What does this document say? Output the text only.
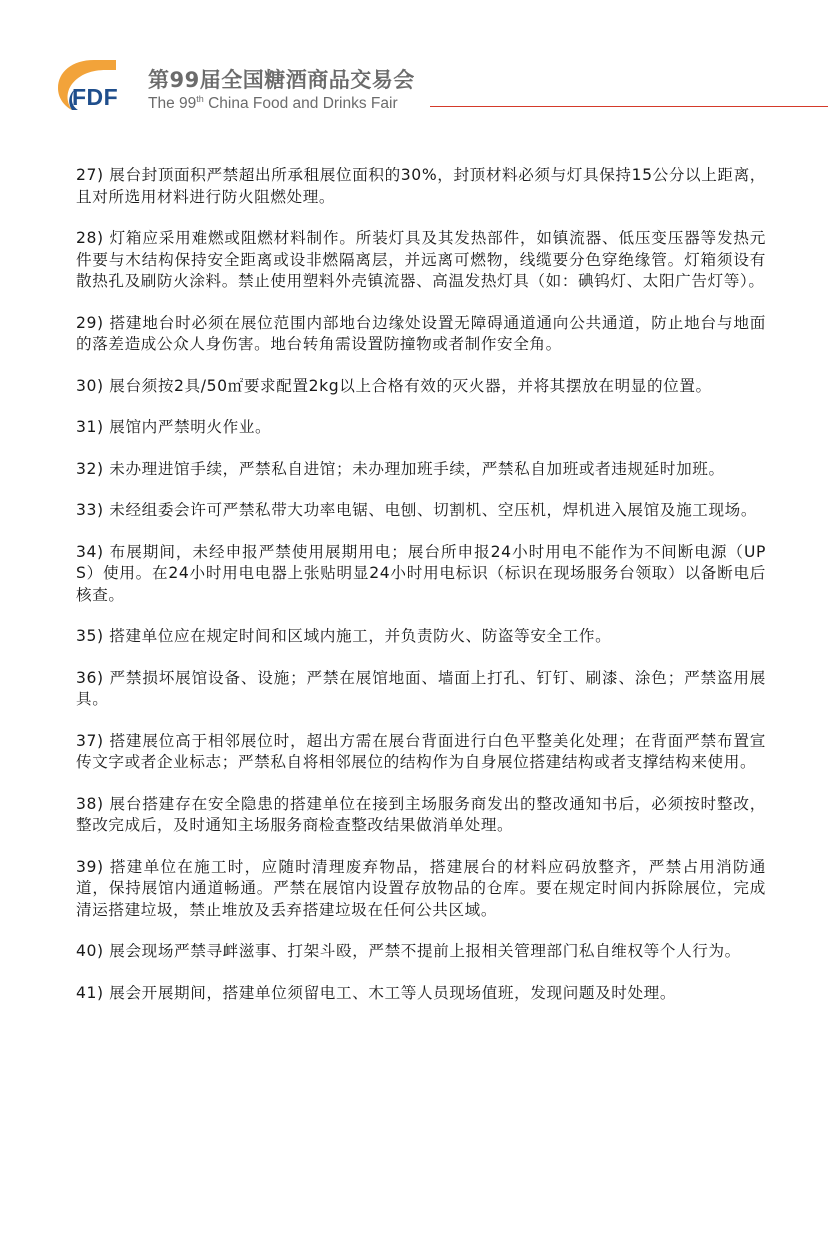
FDF
第99届全国糖酒商品交易会
The 99th China Food and Drinks Fair

27) 展台封顶面积严禁超出所承租展位面积的30%，封顶材料必须与灯具保持15公分以上距离，且对所选用材料进行防火阻燃处理。

28) 灯箱应采用难燃或阻燃材料制作。所装灯具及其发热部件，如镇流器、低压变压器等发热元件要与木结构保持安全距离或设非燃隔离层，并远离可燃物，线缆要分色穿绝缘管。灯箱须设有散热孔及刷防火涂料。禁止使用塑料外壳镇流器、高温发热灯具（如：碘钨灯、太阳广告灯等）。

29) 搭建地台时必须在展位范围内部地台边缘处设置无障碍通道通向公共通道，防止地台与地面的落差造成公众人身伤害。地台转角需设置防撞物或者制作安全角。

30) 展台须按2具/50㎡要求配置2kg以上合格有效的灭火器，并将其摆放在明显的位置。

31) 展馆内严禁明火作业。

32) 未办理进馆手续，严禁私自进馆；未办理加班手续，严禁私自加班或者违规延时加班。

33) 未经组委会许可严禁私带大功率电锯、电刨、切割机、空压机，焊机进入展馆及施工现场。

34) 布展期间，未经申报严禁使用展期用电；展台所申报24小时用电不能作为不间断电源（UPS）使用。在24小时用电电器上张贴明显24小时用电标识（标识在现场服务台领取）以备断电后核查。

35) 搭建单位应在规定时间和区域内施工，并负责防火、防盗等安全工作。

36) 严禁损坏展馆设备、设施；严禁在展馆地面、墙面上打孔、钉钉、刷漆、涂色；严禁盗用展具。

37) 搭建展位高于相邻展位时，超出方需在展台背面进行白色平整美化处理；在背面严禁布置宣传文字或者企业标志；严禁私自将相邻展位的结构作为自身展位搭建结构或者支撑结构来使用。

38) 展台搭建存在安全隐患的搭建单位在接到主场服务商发出的整改通知书后，必须按时整改，整改完成后，及时通知主场服务商检查整改结果做消单处理。

39) 搭建单位在施工时，应随时清理废弃物品，搭建展台的材料应码放整齐，严禁占用消防通道，保持展馆内通道畅通。严禁在展馆内设置存放物品的仓库。要在规定时间内拆除展位，完成清运搭建垃圾，禁止堆放及丢弃搭建垃圾在任何公共区域。

40) 展会现场严禁寻衅滋事、打架斗殴，严禁不提前上报相关管理部门私自维权等个人行为。

41) 展会开展期间，搭建单位须留电工、木工等人员现场值班，发现问题及时处理。
